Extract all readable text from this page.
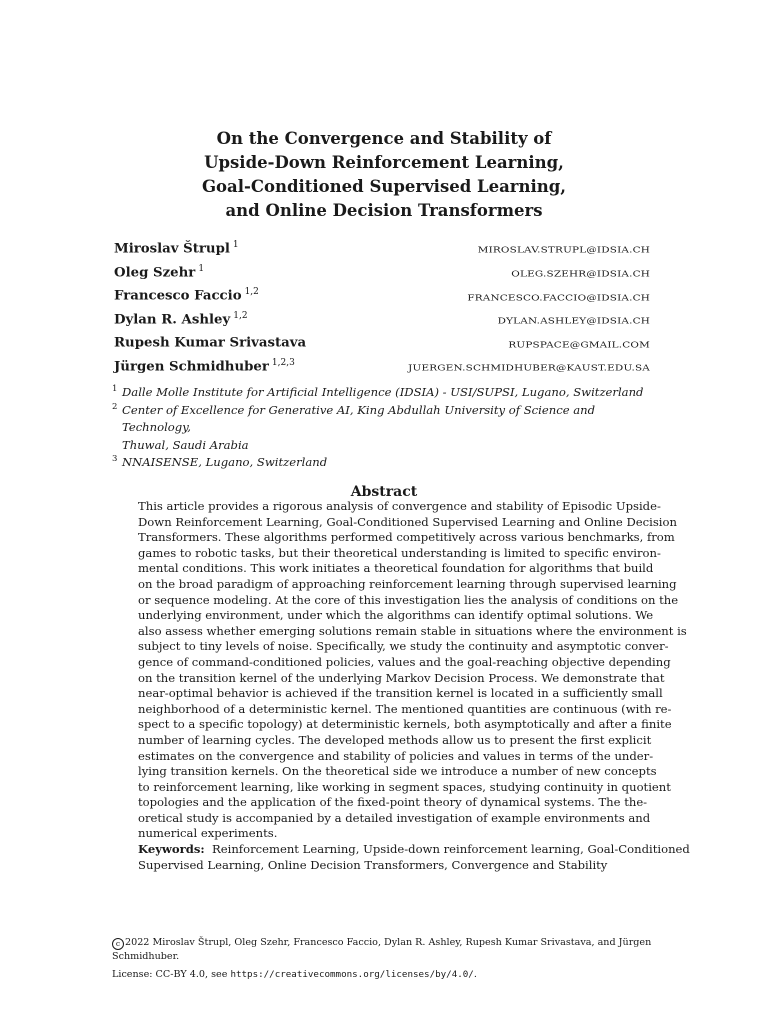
On the Convergence and Stability of
Upside-Down Reinforcement Learning,
Goal-Conditioned Supervised Learning,
and Online Decision Transformers
Miroslav Štrupl $^1$
MIROSLAV.STRUPL@IDSIA.CH
Oleg Szehr $^1$
OLEG.SZEHR@IDSIA.CH
Francesco Faccio $^{1,2}$
FRANCESCO.FACCIO@IDSIA.CH
Dylan R. Ashley $^{1,2}$
DYLAN.ASHLEY@IDSIA.CH
Rupesh Kumar Srivastava	RUPSPACE@GMAIL.COM
Jürgen Schmidhuber $^{1,2,3}$
JUERGEN.SCHMIDHUBER@KAUST.EDU.SA
1 Dalle Molle Institute for Artificial Intelligence (IDSIA) - USI/SUPSI, Lugano, Switzerland
2 Center of Excellence for Generative AI, King Abdullah University of Science and Technology,
Thuwal, Saudi Arabia
3 NNAISENSE, Lugano, Switzerland
Abstract
This article provides a rigorous analysis of convergence and stability of Episodic Upside-
Down Reinforcement Learning, Goal-Conditioned Supervised Learning and Online Decision
Transformers. These algorithms performed competitively across various benchmarks, from
games to robotic tasks, but their theoretical understanding is limited to specific environ-
mental conditions. This work initiates a theoretical foundation for algorithms that build
on the broad paradigm of approaching reinforcement learning through supervised learning
or sequence modeling. At the core of this investigation lies the analysis of conditions on the
underlying environment, under which the algorithms can identify optimal solutions. We
also assess whether emerging solutions remain stable in situations where the environment is
subject to tiny levels of noise. Specifically, we study the continuity and asymptotic conver-
gence of command-conditioned policies, values and the goal-reaching objective depending
on the transition kernel of the underlying Markov Decision Process. We demonstrate that
near-optimal behavior is achieved if the transition kernel is located in a sufficiently small
neighborhood of a deterministic kernel. The mentioned quantities are continuous (with re-
spect to a specific topology) at deterministic kernels, both asymptotically and after a finite
number of learning cycles. The developed methods allow us to present the first explicit
estimates on the convergence and stability of policies and values in terms of the under-
lying transition kernels. On the theoretical side we introduce a number of new concepts
to reinforcement learning, like working in segment spaces, studying continuity in quotient
topologies and the application of the fixed-point theory of dynamical systems. The the-
oretical study is accompanied by a detailed investigation of example environments and
numerical experiments.
Keywords: Reinforcement Learning, Upside-down reinforcement learning, Goal-Conditioned
Supervised Learning, Online Decision Transformers, Convergence and Stability
c 2022 Miroslav Štrupl, Oleg Szehr, Francesco Faccio, Dylan R. Ashley, Rupesh Kumar Srivastava, and Jürgen
Schmidhuber.
License: CC-BY 4.0, see https://creativecommons.org/licenses/by/4.0/.
